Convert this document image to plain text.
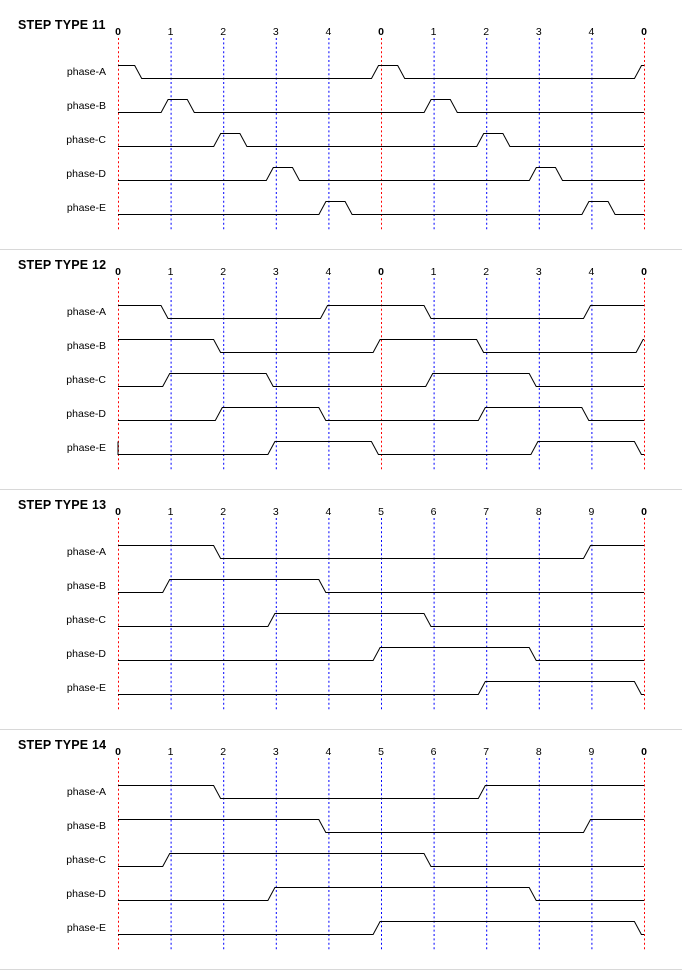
STEP TYPE 11 0	1	2	3	4	0	1	2	3	4	0
phase-A
phase-B
phase-C
phase-D
phase-E
STEP TYPE 12 0	1	2	3	4	0	1	2	3	4	0
phase-A
phase-B
phase-C
phase-D
phase-E
STEP TYPE 13 0	1	2	3	4	5	6	7	8	9	0
phase-A
phase-B
phase-C
phase-D
phase-E
STEP TYPE 14 0	1	2	3	4	5	6	7	8	9	0
phase-A
phase-B
phase-C
phase-D
phase-E
